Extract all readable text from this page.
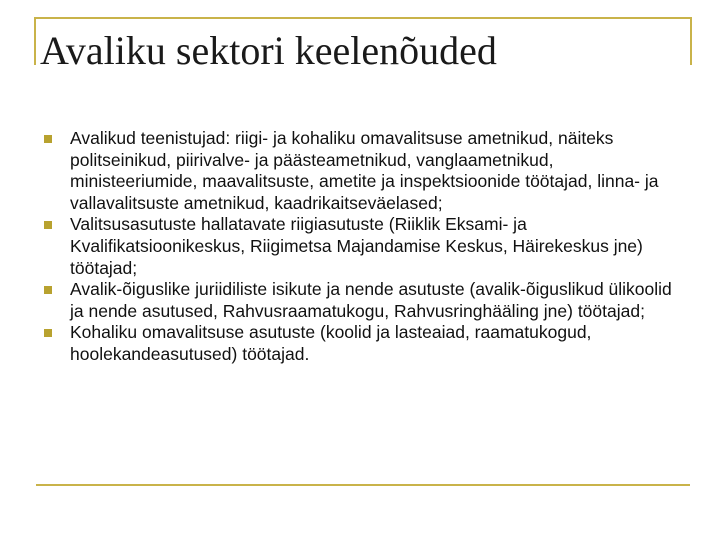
Avaliku sektori keelenõuded
Avalikud teenistujad: riigi- ja kohaliku omavalitsuse ametnikud, näiteks politseinikud, piirivalve- ja päästeametnikud, vanglaametnikud, ministeeriumide, maavalitsuste, ametite ja inspektsioonide töötajad, linna- ja vallavalitsuste ametnikud, kaadrikaitseväelased;
Valitsusasutuste hallatavate riigiasutuste (Riiklik Eksami- ja Kvalifikatsioonikeskus, Riigimetsa Majandamise Keskus, Häirekeskus jne) töötajad;
Avalik-õiguslike juriidiliste isikute ja nende asutuste (avalik-õiguslikud ülikoolid ja nende asutused, Rahvusraamatukogu, Rahvusringhääling jne) töötajad;
Kohaliku omavalitsuse asutuste (koolid ja lasteaiad, raamatukogud, hoolekandeasutused) töötajad.
